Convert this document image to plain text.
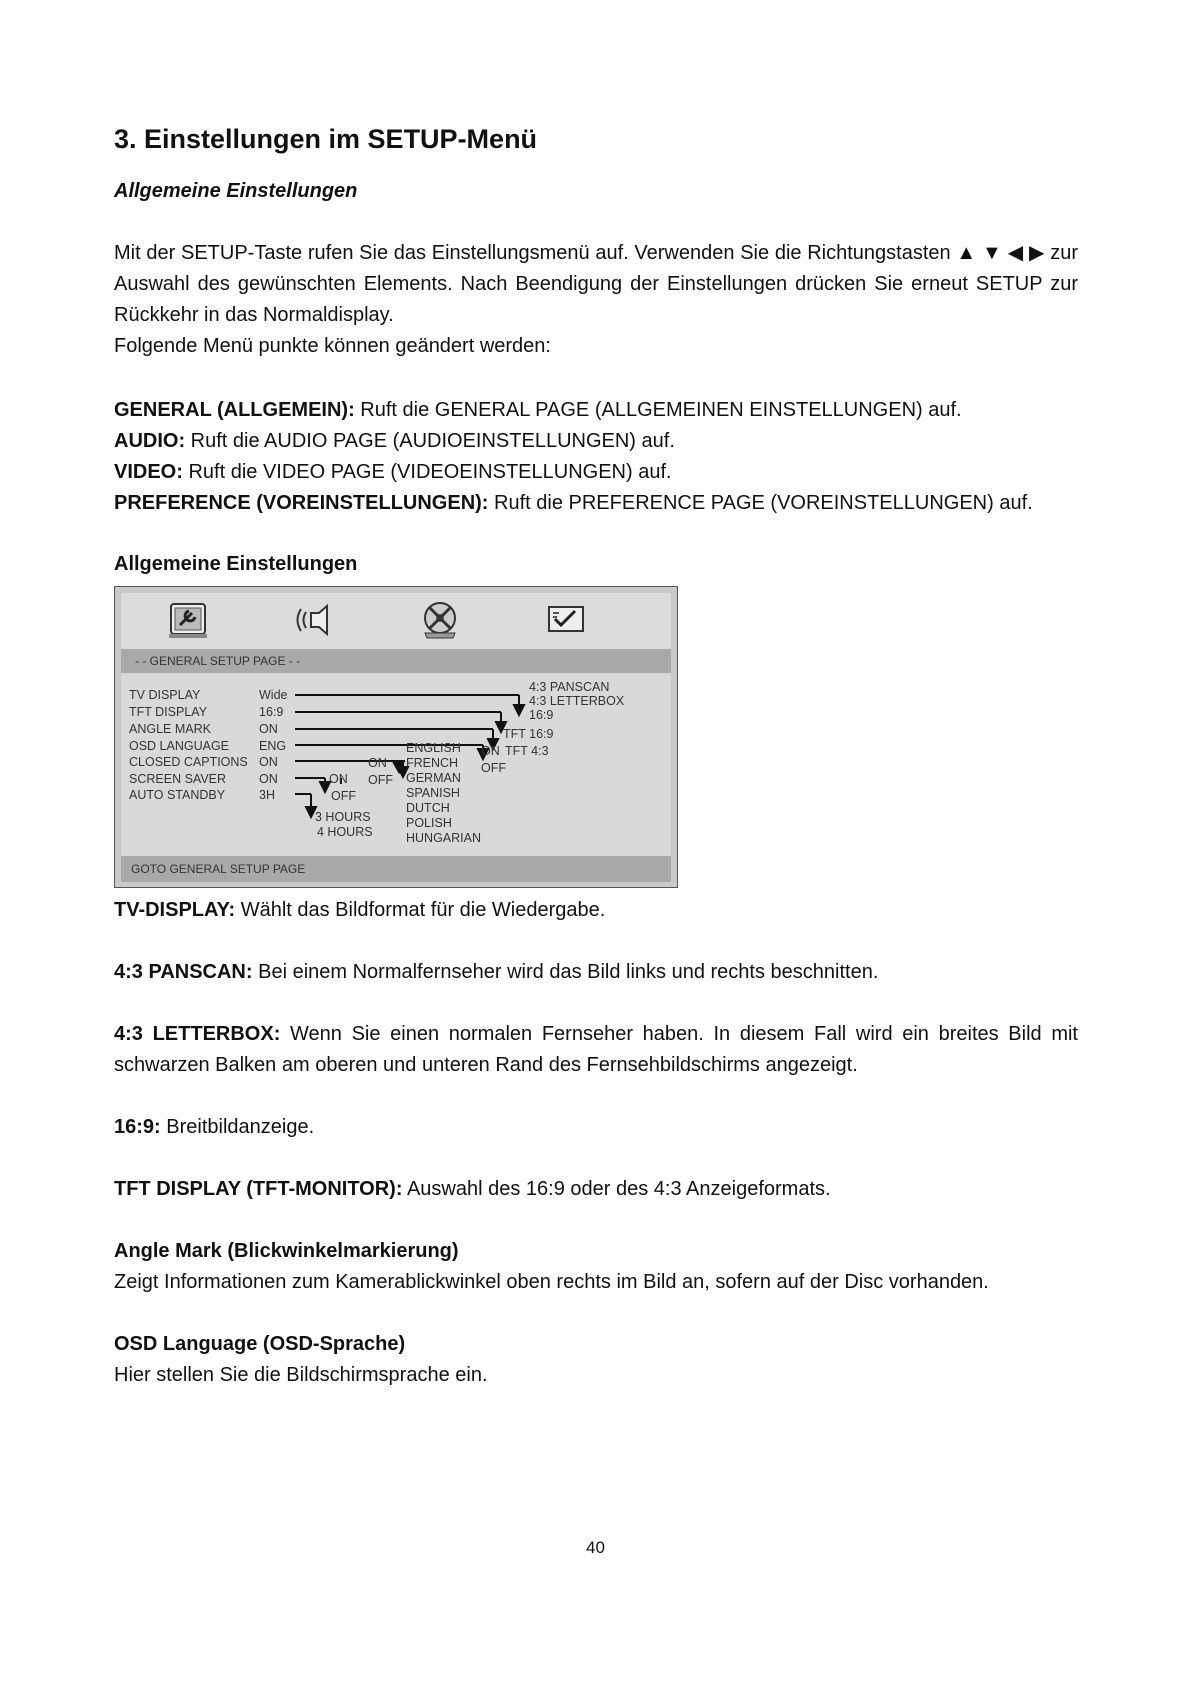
3. Einstellungen im SETUP-Menü
Allgemeine Einstellungen

Mit der SETUP-Taste rufen Sie das Einstellungsmenü auf. Verwenden Sie die Richtungstasten ▲ ▼ ◀ ▶ zur Auswahl des gewünschten Elements. Nach Beendigung der Einstellungen drücken Sie erneut SETUP zur Rückkehr in das Normaldisplay.

Folgende Menü punkte können geändert werden:

GENERAL (ALLGEMEIN): Ruft die GENERAL PAGE (ALLGEMEINEN EINSTELLUNGEN) auf.
AUDIO: Ruft die AUDIO PAGE (AUDIOEINSTELLUNGEN) auf.
VIDEO: Ruft die VIDEO PAGE (VIDEOEINSTELLUNGEN) auf.
PREFERENCE (VOREINSTELLUNGEN): Ruft die PREFERENCE PAGE (VOREINSTELLUNGEN) auf.
Allgemeine Einstellungen
- - GENERAL SETUP PAGE - -
GOTO GENERAL SETUP PAGE
TV DISPLAY
TFT DISPLAY
ANGLE MARK
OSD LANGUAGE
CLOSED CAPTIONS
SCREEN SAVER
AUTO STANDBY
Wide
16:9
ON
ENG
ON
ON
3H
4:3 PANSCAN
4:3 LETTERBOX
16:9
TFT 16:9
TFT 4:3
ON
OFF
ENGLISH
FRENCH
GERMAN
SPANISH
DUTCH
POLISH
HUNGARIAN
ON
OFF
ON
OFF
3 HOURS
4 HOURS

TV-DISPLAY: Wählt das Bildformat für die Wiedergabe.

4:3 PANSCAN: Bei einem Normalfernseher wird das Bild links und rechts beschnitten.

4:3 LETTERBOX: Wenn Sie einen normalen Fernseher haben. In diesem Fall wird ein breites Bild mit schwarzen Balken am oberen und unteren Rand des Fernsehbildschirms angezeigt.

16:9: Breitbildanzeige.

TFT DISPLAY (TFT-MONITOR): Auswahl des 16:9 oder des 4:3 Anzeigeformats.

Angle Mark (Blickwinkelmarkierung)

Zeigt Informationen zum Kamerablickwinkel oben rechts im Bild an, sofern auf der Disc vorhanden.

OSD Language (OSD-Sprache)

Hier stellen Sie die Bildschirmsprache ein.

40
